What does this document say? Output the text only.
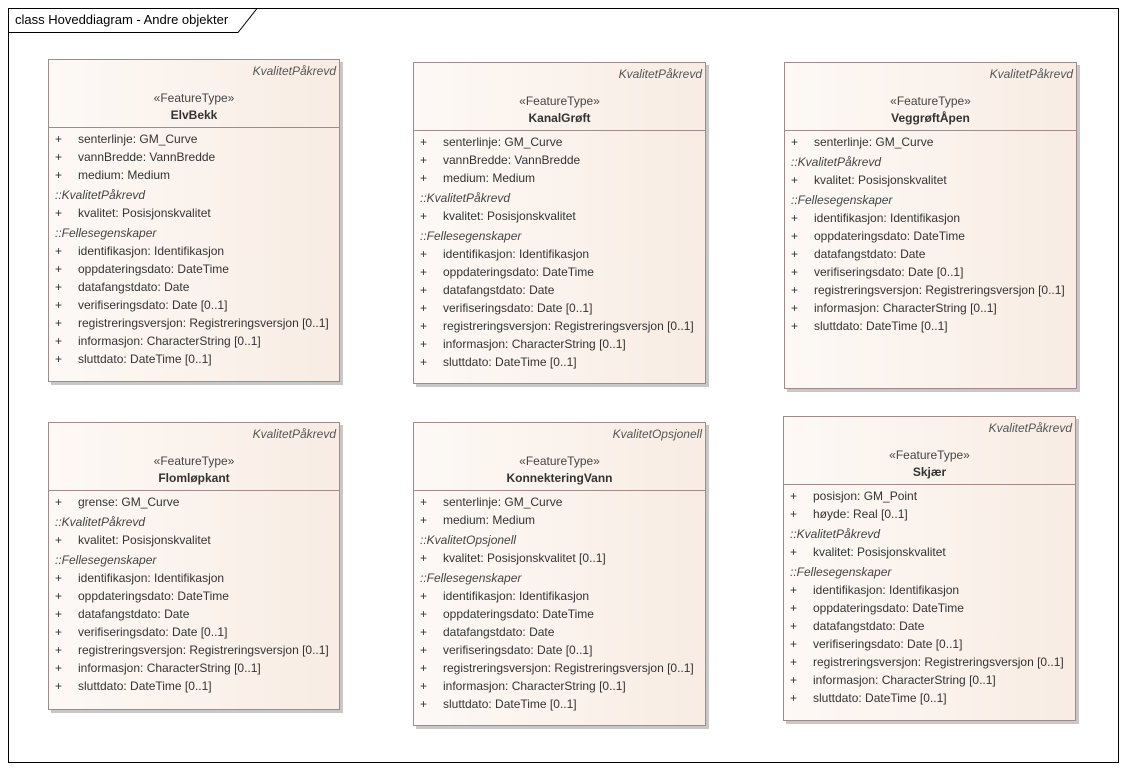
class Hoveddiagram - Andre objekter
KvalitetPåkrevd
«FeatureType»
ElvBekk
+ senterlinje: GM_Curve
+ vannBredde: VannBredde
+ medium: Medium
::KvalitetPåkrevd
+ kvalitet: Posisjonskvalitet
::Fellesegenskaper
+ identifikasjon: Identifikasjon
+ oppdateringsdato: DateTime
+ datafangstdato: Date
+ verifiseringsdato: Date [0..1]
+ registreringsversjon: Registreringsversjon [0..1]
+ informasjon: CharacterString [0..1]
+ sluttdato: DateTime [0..1]
KvalitetPåkrevd
«FeatureType»
KanalGrøft
+ senterlinje: GM_Curve
+ vannBredde: VannBredde
+ medium: Medium
::KvalitetPåkrevd
+ kvalitet: Posisjonskvalitet
::Fellesegenskaper
+ identifikasjon: Identifikasjon
+ oppdateringsdato: DateTime
+ datafangstdato: Date
+ verifiseringsdato: Date [0..1]
+ registreringsversjon: Registreringsversjon [0..1]
+ informasjon: CharacterString [0..1]
+ sluttdato: DateTime [0..1]
KvalitetPåkrevd
«FeatureType»
VeggrøftÅpen
+ senterlinje: GM_Curve
::KvalitetPåkrevd
+ kvalitet: Posisjonskvalitet
::Fellesegenskaper
+ identifikasjon: Identifikasjon
+ oppdateringsdato: DateTime
+ datafangstdato: Date
+ verifiseringsdato: Date [0..1]
+ registreringsversjon: Registreringsversjon [0..1]
+ informasjon: CharacterString [0..1]
+ sluttdato: DateTime [0..1]
KvalitetPåkrevd
«FeatureType»
Flomløpkant
+ grense: GM_Curve
::KvalitetPåkrevd
+ kvalitet: Posisjonskvalitet
::Fellesegenskaper
+ identifikasjon: Identifikasjon
+ oppdateringsdato: DateTime
+ datafangstdato: Date
+ verifiseringsdato: Date [0..1]
+ registreringsversjon: Registreringsversjon [0..1]
+ informasjon: CharacterString [0..1]
+ sluttdato: DateTime [0..1]
KvalitetOpsjonell
«FeatureType»
KonnekteringVann
+ senterlinje: GM_Curve
+ medium: Medium
::KvalitetOpsjonell
+ kvalitet: Posisjonskvalitet [0..1]
::Fellesegenskaper
+ identifikasjon: Identifikasjon
+ oppdateringsdato: DateTime
+ datafangstdato: Date
+ verifiseringsdato: Date [0..1]
+ registreringsversjon: Registreringsversjon [0..1]
+ informasjon: CharacterString [0..1]
+ sluttdato: DateTime [0..1]
KvalitetPåkrevd
«FeatureType»
Skjær
+ posisjon: GM_Point
+ høyde: Real [0..1]
::KvalitetPåkrevd
+ kvalitet: Posisjonskvalitet
::Fellesegenskaper
+ identifikasjon: Identifikasjon
+ oppdateringsdato: DateTime
+ datafangstdato: Date
+ verifiseringsdato: Date [0..1]
+ registreringsversjon: Registreringsversjon [0..1]
+ informasjon: CharacterString [0..1]
+ sluttdato: DateTime [0..1]
